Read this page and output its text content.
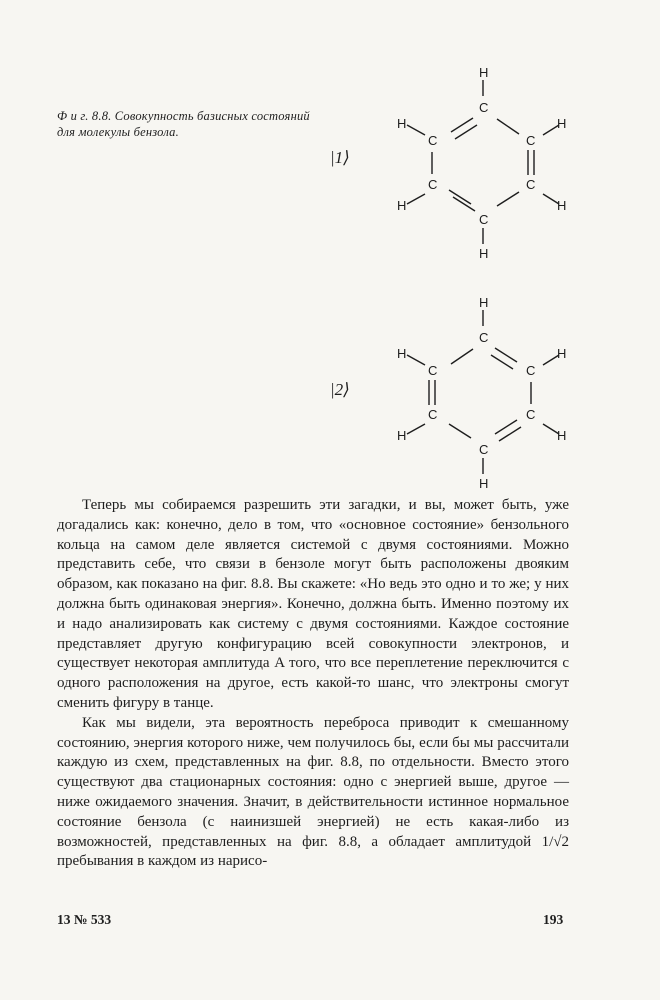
Ф и г. 8.8. Совокупность базисных состояний для молекулы бензола.
|1⟩
H
C
H
C	C
H
C
H
C
H
C
H
|2⟩
H
C
H
C	C
H
C
H
C
H
C
H

Теперь мы собираемся разрешить эти загадки, и вы, может быть, уже догадались как: конечно, дело в том, что «основное состояние» бензольного кольца на самом деле является системой с двумя состояниями. Можно представить себе, что связи в бензоле могут быть расположены двояким образом, как показано на фиг. 8.8. Вы скажете: «Но ведь это одно и то же; у них должна быть одинаковая энергия». Конечно, должна быть. Именно поэтому их и надо анализировать как систему с двумя состояниями. Каждое состояние представляет другую конфигурацию всей совокупности электронов, и существует некоторая амплитуда A того, что все переплетение переключится с одного расположения на другое, есть какой-то шанс, что электроны смогут сменить фигуру в танце.

Как мы видели, эта вероятность переброса приводит к смешанному состоянию, энергия которого ниже, чем получилось бы, если бы мы рассчитали каждую из схем, представленных на фиг. 8.8, по отдельности. Вместо этого существуют два стационарных состояния: одно с энергией выше, другое — ниже ожидаемого значения. Значит, в действительности истинное нормальное состояние бензола (с наинизшей энергией) не есть какая-либо из возможностей, представленных на фиг. 8.8, а обладает амплитудой 1/√2 пребывания в каждом из нарисо-

13 № 533	193
